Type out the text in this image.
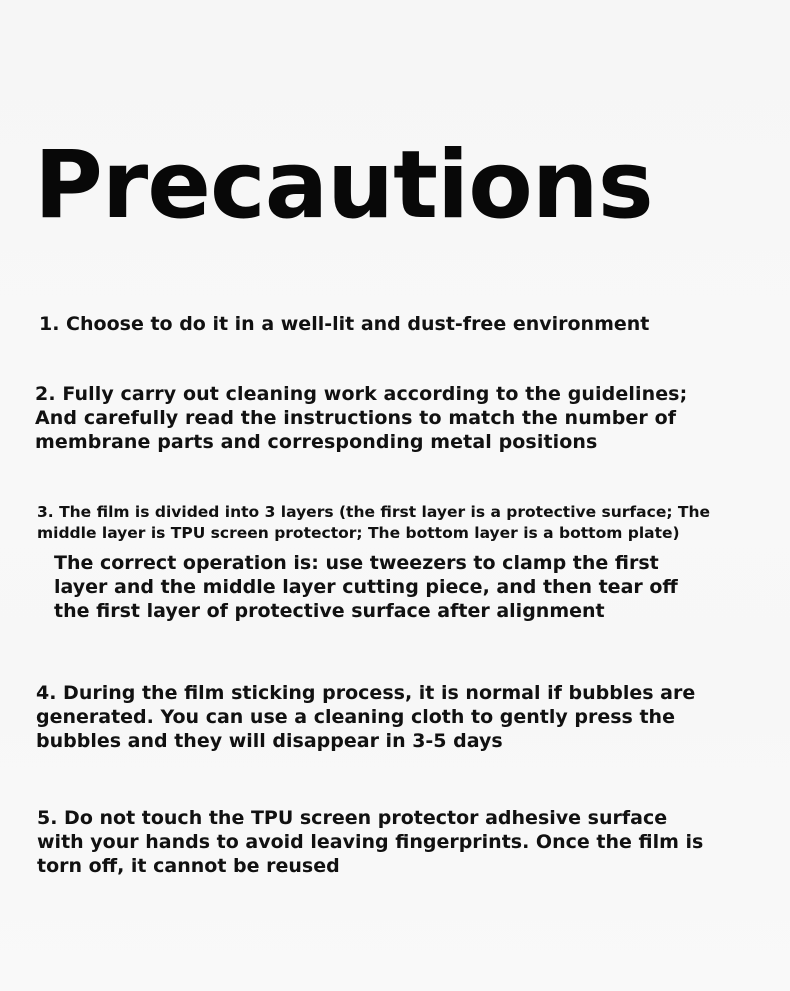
Precautions

1. Choose to do it in a well-lit and dust-free environment

2. Fully carry out cleaning work according to the guidelines;
And carefully read the instructions to match the number of
membrane parts and corresponding metal positions

3. The film is divided into 3 layers (the first layer is a protective surface; The
middle layer is TPU screen protector; The bottom layer is a bottom plate)

The correct operation is: use tweezers to clamp the first
layer and the middle layer cutting piece, and then tear off
the first layer of protective surface after alignment

4. During the film sticking process, it is normal if bubbles are
generated. You can use a cleaning cloth to gently press the
bubbles and they will disappear in 3-5 days

5. Do not touch the TPU screen protector adhesive surface
with your hands to avoid leaving fingerprints. Once the film is
torn off, it cannot be reused
